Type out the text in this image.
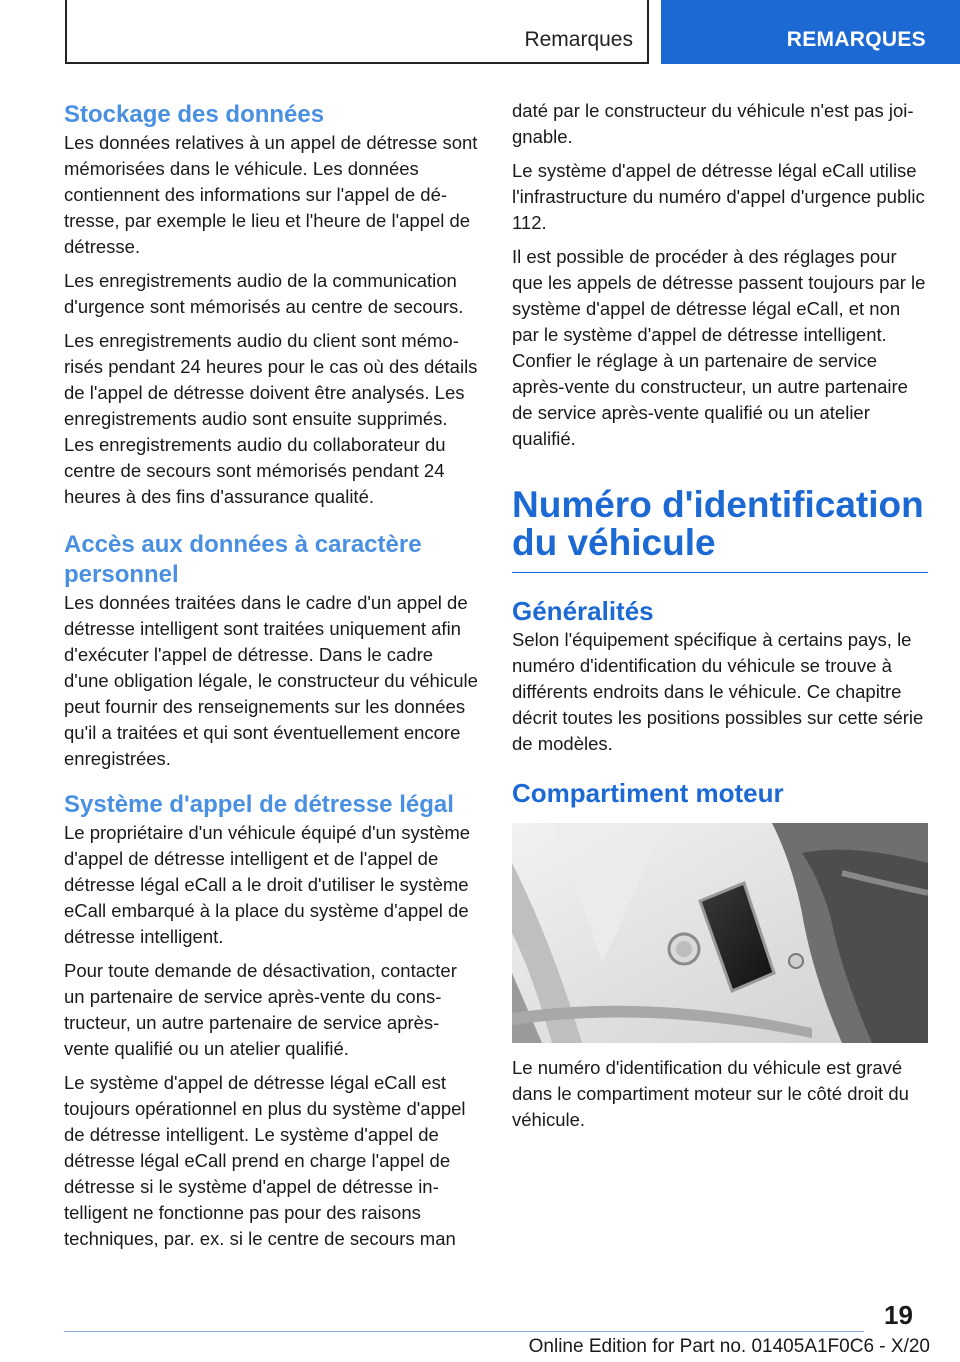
Remarques	REMARQUES
Stockage des données

Les données relatives à un appel de détresse sont mémorisées dans le véhicule. Les données contiennent des informations sur l'appel de détresse, par exemple le lieu et l'heure de l'appel de détresse.

Les enregistrements audio de la communication d'urgence sont mémorisés au centre de secours.

Les enregistrements audio du client sont mémorisés pendant 24 heures pour le cas où des détails de l'appel de détresse doivent être analysés. Les enregistrements audio sont ensuite supprimés. Les enregistrements audio du collaborateur du centre de secours sont mémorisés pendant 24 heures à des fins d'assurance qualité.

Accès aux données à caractère personnel

Les données traitées dans le cadre d'un appel de détresse intelligent sont traitées uniquement afin d'exécuter l'appel de détresse. Dans le cadre d'une obligation légale, le constructeur du véhicule peut fournir des renseignements sur les données qu'il a traitées et qui sont éventuellement encore enregistrées.

Système d'appel de détresse légal

Le propriétaire d'un véhicule équipé d'un système d'appel de détresse intelligent et de l'appel de détresse légal eCall a le droit d'utiliser le système eCall embarqué à la place du système d'appel de détresse intelligent.

Pour toute demande de désactivation, contacter un partenaire de service après-vente du constructeur, un autre partenaire de service après-vente qualifié ou un atelier qualifié.

Le système d'appel de détresse légal eCall est toujours opérationnel en plus du système d'appel de détresse intelligent. Le système d'appel de détresse légal eCall prend en charge l'appel de détresse si le système d'appel de détresse intelligent ne fonctionne pas pour des raisons techniques, par. ex. si le centre de secours man

daté par le constructeur du véhicule n'est pas joignable.

Le système d'appel de détresse légal eCall utilise l'infrastructure du numéro d'appel d'urgence public 112.

Il est possible de procéder à des réglages pour que les appels de détresse passent toujours par le système d'appel de détresse légal eCall, et non par le système d'appel de détresse intelligent. Confier le réglage à un partenaire de service après-vente du constructeur, un autre partenaire de service après-vente qualifié ou un atelier qualifié.

Numéro d'identification du véhicule
Généralités

Selon l'équipement spécifique à certains pays, le numéro d'identification du véhicule se trouve à différents endroits dans le véhicule. Ce chapitre décrit toutes les positions possibles sur cette série de modèles.

Compartiment moteur

Le numéro d'identification du véhicule est gravé dans le compartiment moteur sur le côté droit du véhicule.

19
Online Edition for Part no. 01405A1F0C6 - X/20
